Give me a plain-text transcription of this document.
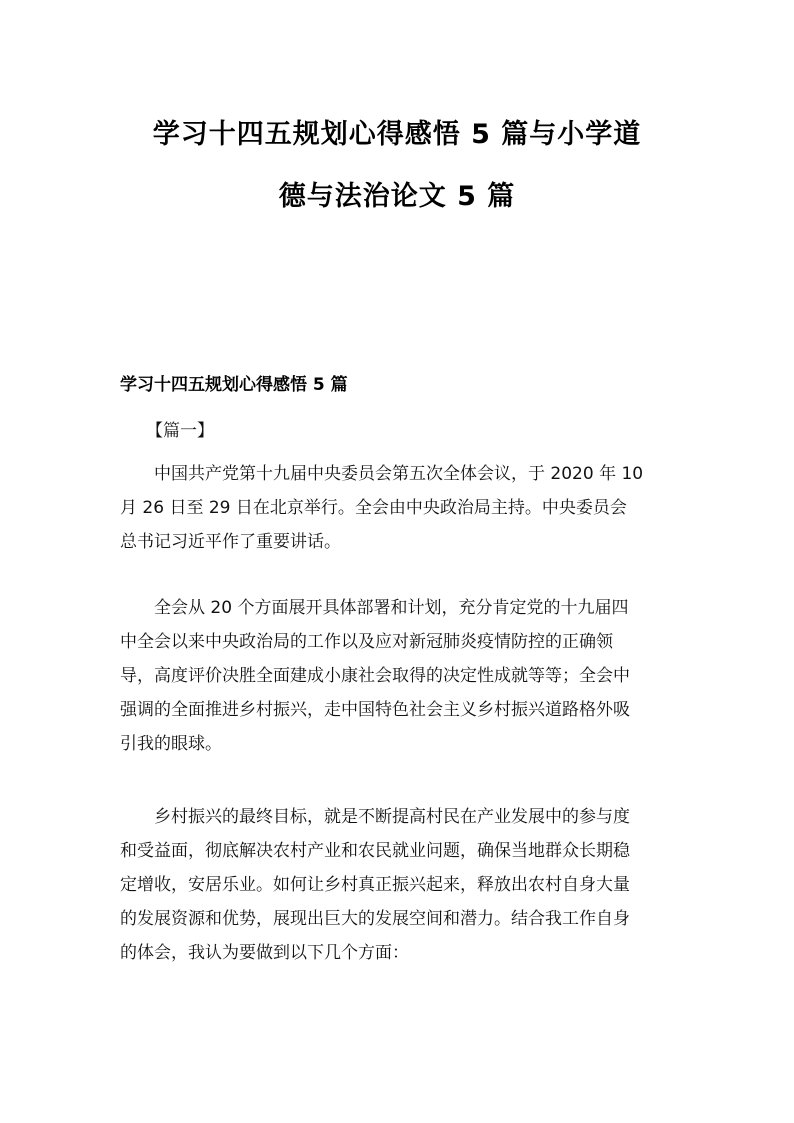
学习十四五规划心得感悟 5 篇与小学道
德与法治论文 5 篇
学习十四五规划心得感悟 5 篇
【篇一】
　　中国共产党第十九届中央委员会第五次全体会议，于 2020 年 10
月 26 日至 29 日在北京举行。全会由中央政治局主持。中央委员会
总书记习近平作了重要讲话。
　　全会从 20 个方面展开具体部署和计划，充分肯定党的十九届四
中全会以来中央政治局的工作以及应对新冠肺炎疫情防控的正确领
导，高度评价决胜全面建成小康社会取得的决定性成就等等；全会中
强调的全面推进乡村振兴，走中国特色社会主义乡村振兴道路格外吸
引我的眼球。
　　乡村振兴的最终目标，就是不断提高村民在产业发展中的参与度
和受益面，彻底解决农村产业和农民就业问题，确保当地群众长期稳
定增收，安居乐业。如何让乡村真正振兴起来，释放出农村自身大量
的发展资源和优势，展现出巨大的发展空间和潜力。结合我工作自身
的体会，我认为要做到以下几个方面：
